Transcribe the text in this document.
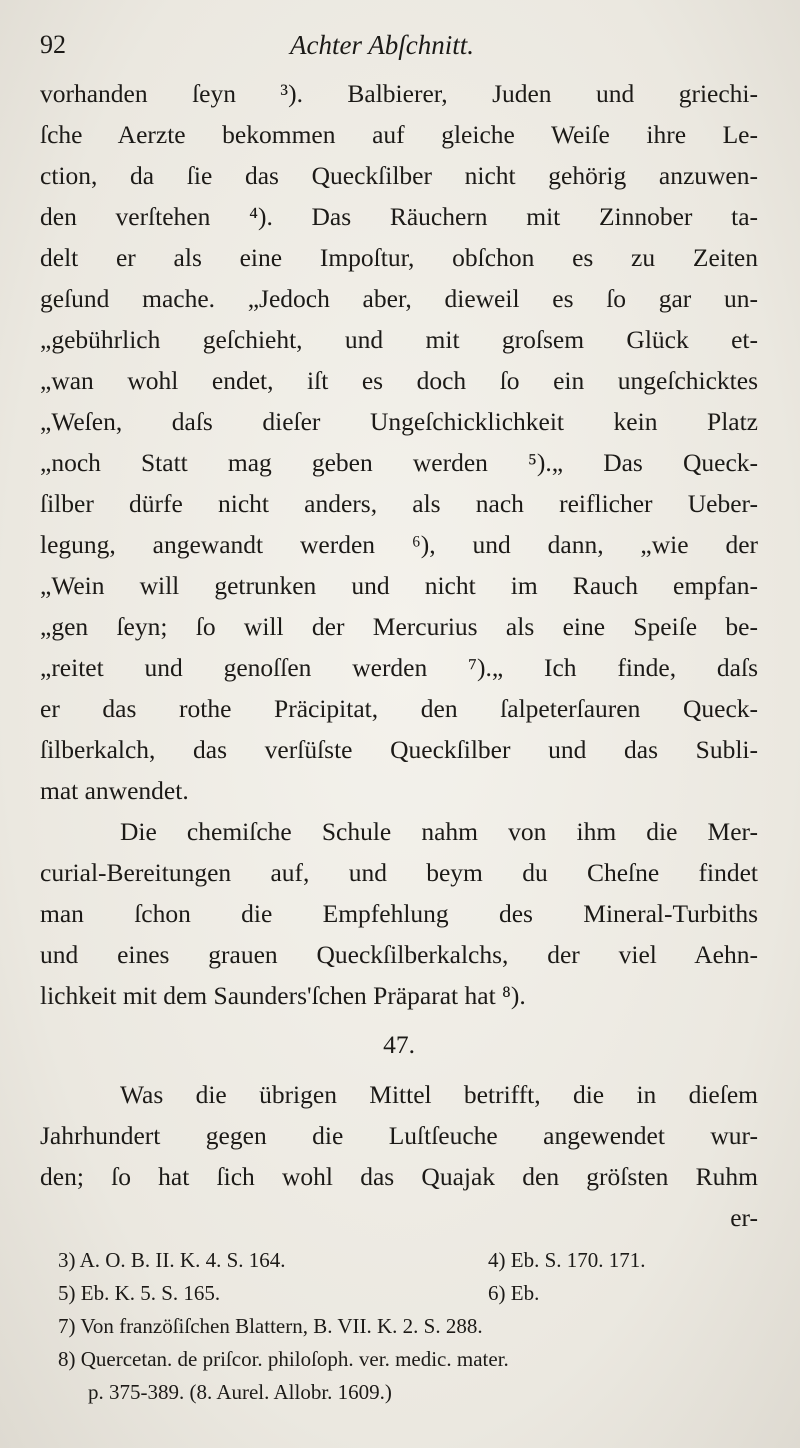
92	Achter Abſchnitt.
vorhanden ſeyn ³). Balbierer, Juden und griechi-
ſche Aerzte bekommen auf gleiche Weiſe ihre Le-
ction, da ſie das Queckſilber nicht gehörig anzuwen-
den verſtehen ⁴). Das Räuchern mit Zinnober ta-
delt er als eine Impoſtur, obſchon es zu Zeiten
geſund mache. „Jedoch aber, dieweil es ſo gar un-
„gebührlich geſchieht, und mit groſsem Glück et-
„wan wohl endet, iſt es doch ſo ein ungeſchicktes
„Weſen, daſs dieſer Ungeſchicklichkeit kein Platz
„noch Statt mag geben werden ⁵).„ Das Queck-
ſilber dürfe nicht anders, als nach reiflicher Ueber-
legung, angewandt werden ⁶), und dann, „wie der
„Wein will getrunken und nicht im Rauch empfan-
„gen ſeyn; ſo will der Mercurius als eine Speiſe be-
„reitet und genoſſen werden ⁷).„ Ich finde, daſs
er das rothe Präcipitat, den ſalpeterſauren Queck-
ſilberkalch, das verſüſste Queckſilber und das Subli-
mat anwendet.
Die chemiſche Schule nahm von ihm die Mer-
curial-Bereitungen auf, und beym du Cheſne findet
man ſchon die Empfehlung des Mineral-Turbiths
und eines grauen Queckſilberkalchs, der viel Aehn-
lichkeit mit dem Saunders'ſchen Präparat hat ⁸).
47.
Was die übrigen Mittel betrifft, die in dieſem
Jahrhundert gegen die Luſtſeuche angewendet wur-
den; ſo hat ſich wohl das Quajak den gröſsten Ruhm
er-
3) A. O. B. II. K. 4. S. 164.	4) Eb. S. 170. 171.
5) Eb. K. 5. S. 165.	6) Eb.
7) Von franzöſiſchen Blattern, B. VII. K. 2. S. 288.
8) Quercetan. de priſcor. philoſoph. ver. medic. mater.
p. 375-389. (8. Aurel. Allobr. 1609.)
